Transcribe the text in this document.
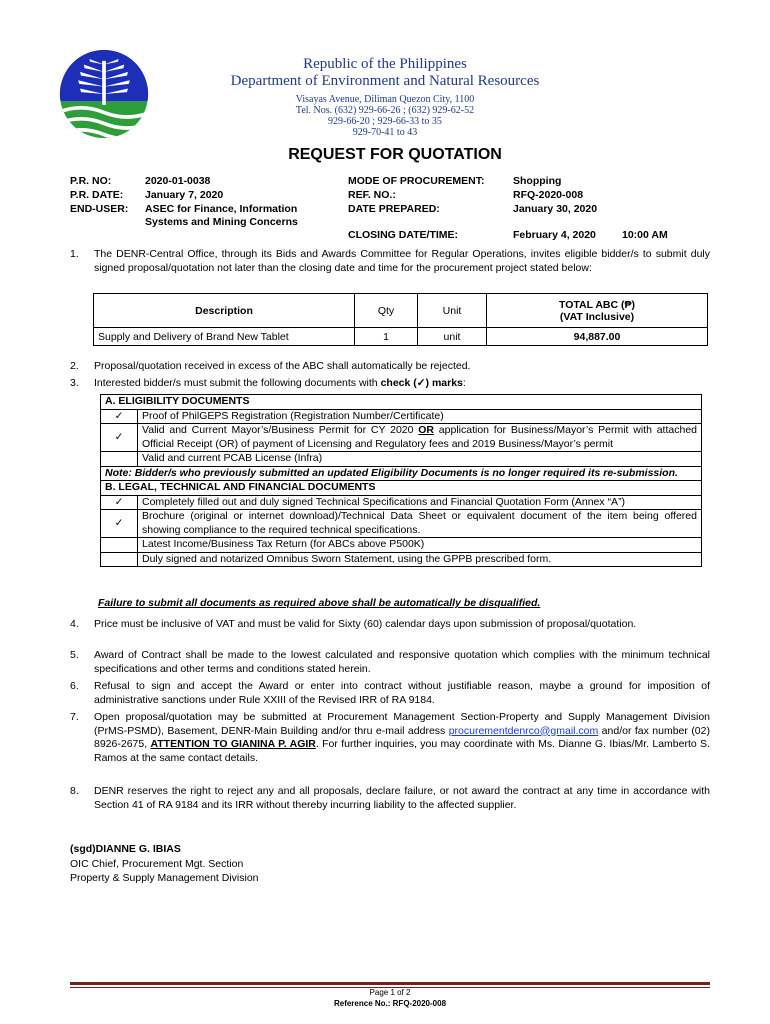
Republic of the Philippines
Department of Environment and Natural Resources
Visayas Avenue, Diliman Quezon City, 1100
Tel. Nos. (632) 929-66-26 ; (632) 929-62-52
929-66-20 ; 929-66-33 to 35
929-70-41 to 43
REQUEST FOR QUOTATION
P.R. NO:	2020-01-0038
P.R. DATE: January 7, 2020
END-USER: ASEC for Finance, Information
Systems and Mining Concerns
MODE OF PROCUREMENT:	Shopping
REF. NO.:	RFQ-2020-008
DATE PREPARED:	January 30, 2020
CLOSING DATE/TIME:	February 4, 2020 10:00 AM
1. The DENR-Central Office, through its Bids and Awards Committee for Regular Operations, invites eligible bidder/s to submit duly signed proposal/quotation not later than the closing date and time for the procurement project stated below:
Description	Qty	Unit	TOTAL ABC (₱)
(VAT Inclusive)

Supply and Delivery of Brand New Tablet	1	unit	94,887.00
2. Proposal/quotation received in excess of the ABC shall automatically be rejected.
3. Interested bidder/s must submit the following documents with check (✓) marks:
A. ELIGIBILITY DOCUMENTS	
✓	Proof of PhilGEPS Registration (Registration Number/Certificate)
✓	Valid and Current Mayor’s/Business Permit for CY 2020 OR application for Business/Mayor’s Permit with attached Official Receipt (OR) of payment of Licensing and Regulatory fees and 2019 Business/Mayor’s permit
	Valid and current PCAB License (Infra)
Note: Bidder/s who previously submitted an updated Eligibility Documents is no longer required its re-submission.	
B. LEGAL, TECHNICAL AND FINANCIAL DOCUMENTS	
✓	Completely filled out and duly signed Technical Specifications and Financial Quotation Form (Annex “A”)
✓	Brochure (original or internet download)/Technical Data Sheet or equivalent document of the item being offered showing compliance to the required technical specifications.
	Latest Income/Business Tax Return (for ABCs above P500K)
	Duly signed and notarized Omnibus Sworn Statement, using the GPPB prescribed form.
Failure to submit all documents as required above shall be automatically be disqualified.
4. Price must be inclusive of VAT and must be valid for Sixty (60) calendar days upon submission of proposal/quotation.
5. Award of Contract shall be made to the lowest calculated and responsive quotation which complies with the minimum technical specifications and other terms and conditions stated herein.
6. Refusal to sign and accept the Award or enter into contract without justifiable reason, maybe a ground for imposition of administrative sanctions under Rule XXIII of the Revised IRR of RA 9184.
7. Open proposal/quotation may be submitted at Procurement Management Section-Property and Supply Management Division (PrMS-PSMD), Basement, DENR-Main Building and/or thru e-mail address procurementdenrco@gmail.com and/or fax number (02) 8926-2675, ATTENTION TO GIANINA P. AGIR. For further inquiries, you may coordinate with Ms. Dianne G. Ibias/Mr. Lamberto S. Ramos at the same contact details.
8. DENR reserves the right to reject any and all proposals, declare failure, or not award the contract at any time in accordance with Section 41 of RA 9184 and its IRR without thereby incurring liability to the affected supplier.
(sgd)DIANNE G. IBIAS
OIC Chief, Procurement Mgt. Section
Property & Supply Management Division
Page 1 of 2
Reference No.: RFQ-2020-008
